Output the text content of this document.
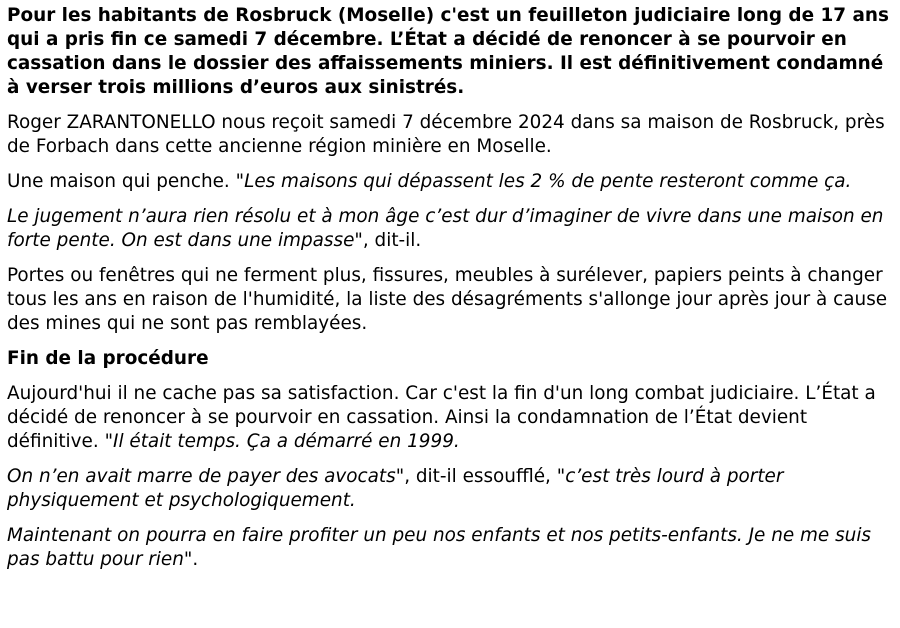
Pour les habitants de Rosbruck (Moselle) c'est un feuilleton judiciaire long de 17 ans qui a pris fin ce samedi 7 décembre. L’État a décidé de renoncer à se pourvoir en cassation dans le dossier des affaissements miniers. Il est définitivement condamné à verser trois millions d’euros aux sinistrés.

Roger ZARANTONELLO nous reçoit samedi 7 décembre 2024 dans sa maison de Rosbruck, près de Forbach dans cette ancienne région minière en Moselle.

Une maison qui penche. "Les maisons qui dépassent les 2 % de pente resteront comme ça.

Le jugement n’aura rien résolu et à mon âge c’est dur d’imaginer de vivre dans une maison en forte pente. On est dans une impasse", dit-il.

Portes ou fenêtres qui ne ferment plus, fissures, meubles à surélever, papiers peints à changer tous les ans en raison de l'humidité, la liste des désagréments s'allonge jour après jour à cause des mines qui ne sont pas remblayées.

Fin de la procédure

Aujourd'hui il ne cache pas sa satisfaction. Car c'est la fin d'un long combat judiciaire. L’État a décidé de renoncer à se pourvoir en cassation. Ainsi la condamnation de l’État devient définitive. "Il était temps. Ça a démarré en 1999.

On n’en avait marre de payer des avocats", dit-il essoufflé, "c’est très lourd à porter physiquement et psychologiquement.

Maintenant on pourra en faire profiter un peu nos enfants et nos petits-enfants. Je ne me suis pas battu pour rien".
